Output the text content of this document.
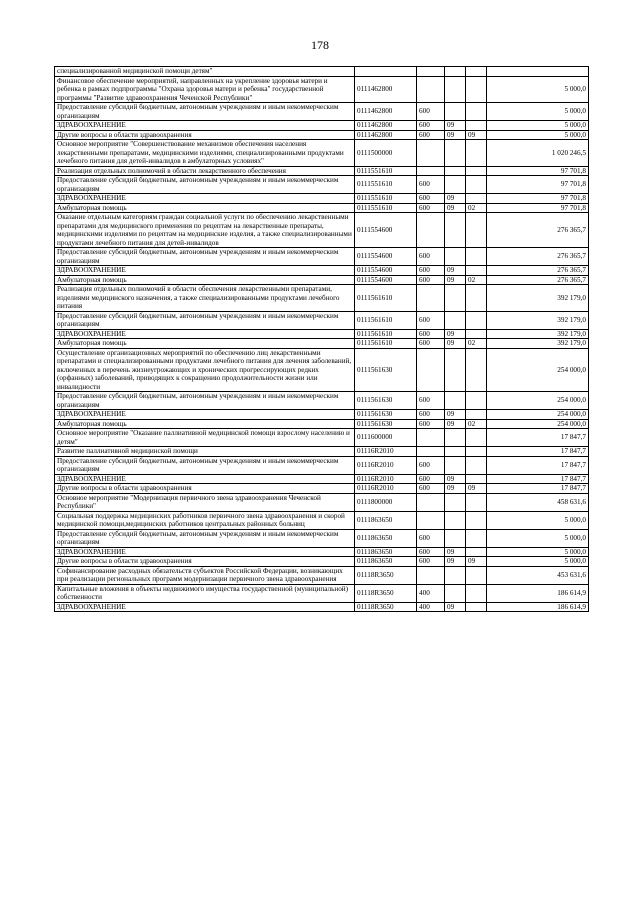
178
специализированной медицинской помощи детям"					
Финансовое обеспечение мероприятий, направленных на укрепление здоровья матери и ребенка в рамках подпрограммы "Охрана здоровья матери и ребенка" государственной программы "Развитие здравоохранения Чеченской Республики"	0111462800				5 000,0
Предоставление субсидий бюджетным, автономным учреждениям и иным некоммерческим организациям	0111462800	600			5 000,0
ЗДРАВООХРАНЕНИЕ	0111462800	600	09		5 000,0
Другие вопросы в области здравоохранения	0111462800	600	09	09	5 000,0
Основное мероприятие "Совершенствование механизмов обеспечения населения лекарственными препаратами, медицинскими изделиями, специализированными продуктами лечебного питания для детей-инвалидов в амбулаторных условиях"	0111500000				1 020 246,5
Реализация отдельных полномочий в области лекарственного обеспечения	0111551610				97 701,8
Предоставление субсидий бюджетным, автономным учреждениям и иным некоммерческим организациям	0111551610	600			97 701,8
ЗДРАВООХРАНЕНИЕ	0111551610	600	09		97 701,8
Амбулаторная помощь	0111551610	600	09	02	97 701,8
Оказание отдельным категориям граждан социальной услуги по обеспечению лекарственными препаратами для медицинского применения по рецептам на лекарственные препараты, медицинскими изделиями по рецептам на медицинские изделия, а также специализированными продуктами лечебного питания для детей-инвалидов	0111554600				276 365,7
Предоставление субсидий бюджетным, автономным учреждениям и иным некоммерческим организациям	0111554600	600			276 365,7
ЗДРАВООХРАНЕНИЕ	0111554600	600	09		276 365,7
Амбулаторная помощь	0111554600	600	09	02	276 365,7
Реализация отдельных полномочий в области обеспечения лекарственными препаратами, изделиями медицинского назначения, а также специализированными продуктами лечебного питания	0111561610				392 179,0
Предоставление субсидий бюджетным, автономным учреждениям и иным некоммерческим организациям	0111561610	600			392 179,0
ЗДРАВООХРАНЕНИЕ	0111561610	600	09		392 179,0
Амбулаторная помощь	0111561610	600	09	02	392 179,0
Осуществление организационных мероприятий по обеспечению лиц лекарственными препаратами и специализированными продуктами лечебного питания для лечения заболеваний, включенных в перечень жизнеугрожающих и хронических прогрессирующих редких (орфанных) заболеваний, приводящих к сокращению продолжительности жизни или инвалидности	0111561630				254 000,0
Предоставление субсидий бюджетным, автономным учреждениям и иным некоммерческим организациям	0111561630	600			254 000,0
ЗДРАВООХРАНЕНИЕ	0111561630	600	09		254 000,0
Амбулаторная помощь	0111561630	600	09	02	254 000,0
Основное мероприятие "Оказание паллиативной медицинской помощи взрослому населению и детям"	0111600000				17 847,7
Развитие паллиативной медицинской помощи	01116R2010				17 847,7
Предоставление субсидий бюджетным, автономным учреждениям и иным некоммерческим организациям	01116R2010	600			17 847,7
ЗДРАВООХРАНЕНИЕ	01116R2010	600	09		17 847,7
Другие вопросы в области здравоохранения	01116R2010	600	09	09	17 847,7
Основное мероприятие "Модернизация первичного звена здравоохранения Чеченской Республики"	0111800000				458 631,6
Социальная поддержка медицинских работников первичного звена здравоохранения и скорой медицинской помощи,медицинских работников центральных районных больниц	0111863650				5 000,0
Предоставление субсидий бюджетным, автономным учреждениям и иным некоммерческим организациям	0111863650	600			5 000,0
ЗДРАВООХРАНЕНИЕ	0111863650	600	09		5 000,0
Другие вопросы в области здравоохранения	0111863650	600	09	09	5 000,0
Софинансирование расходных обязательств субъектов Российской Федерации, возникающих при реализации региональных программ модернизации первичного звена здравоохранения	01118R3650				453 631,6
Капитальные вложения в объекты недвижимого имущества государственной (муниципальной) собственности	01118R3650	400			186 614,9
ЗДРАВООХРАНЕНИЕ	01118R3650	400	09		186 614,9
